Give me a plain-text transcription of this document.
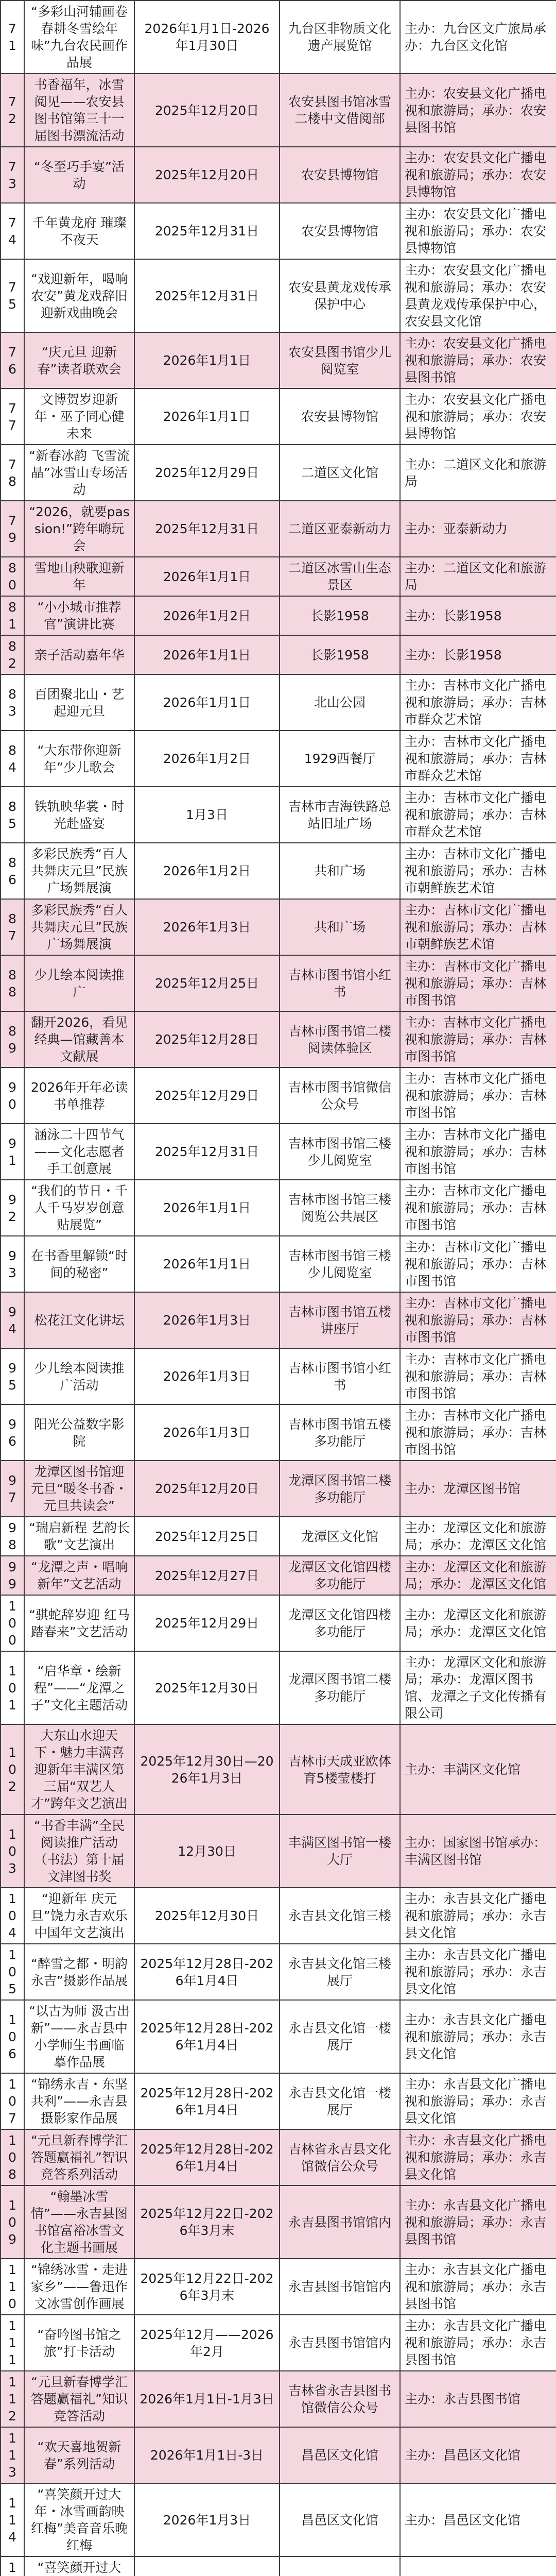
71	“多彩山河辅画卷春耕冬雪绘年味”九台农民画作品展	2026年1月1日-2026年1月30日	九台区非物质文化遗产展览馆	主办：九台区文广旅局承办：九台区文化馆
72	书香福年，冰雪阅见——农安县图书馆第三十一届图书漂流活动	2025年12月20日	农安县图书馆冰雪二楼中文借阅部	主办：农安县文化广播电视和旅游局；承办：农安县图书馆
73	“冬至巧手宴”活动	2025年12月20日	农安县博物馆	主办：农安县文化广播电视和旅游局；承办：农安县博物馆
74	千年黄龙府 璀璨不夜天	2025年12月31日	农安县博物馆	主办：农安县文化广播电视和旅游局；承办：农安县博物馆
75	“戏迎新年，喝响农安”黄龙戏辞旧迎新戏曲晚会	2025年12月31日	农安县黄龙戏传承保护中心	主办：农安县文化广播电视和旅游局；承办：农安县黄龙戏传承保护中心，农安县文化馆
76	“庆元旦 迎新春”读者联欢会	2026年1月1日	农安县图书馆少儿阅览室	主办：农安县文化广播电视和旅游局；承办：农安县图书馆
77	文博贺岁迎新年・巫子同心健未来	2026年1月1日	农安县博物馆	主办：农安县文化广播电视和旅游局；承办：农安县博物馆
78	“新春冰韵 飞雪流晶”冰雪山专场活动	2025年12月29日	二道区文化馆	主办：二道区文化和旅游局
79	“2026，就要passion!”跨年嗨玩会	2025年12月31日	二道区亚泰新动力	主办：亚泰新动力
80	雪地山秧歌迎新年	2026年1月1日	二道区冰雪山生态景区	主办：二道区文化和旅游局
81	“小小城市推荐官”演讲比赛	2026年1月2日	长影1958	主办：长影1958
82	亲子活动嘉年华	2026年1月1日	长影1958	主办：长影1958
83	百团聚北山・艺起迎元旦	2026年1月1日	北山公园	主办：吉林市文化广播电视和旅游局；承办：吉林市群众艺术馆
84	“大东带你迎新年”少儿歌会	2026年1月2日	1929西餐厅	主办：吉林市文化广播电视和旅游局；承办：吉林市群众艺术馆
85	铁轨映华裳・时光赴盛宴	1月3日	吉林市吉海铁路总站旧址广场	主办：吉林市文化广播电视和旅游局；承办：吉林市群众艺术馆
86	多彩民族秀“百人共舞庆元旦”民族广场舞展演	2026年1月2日	共和广场	主办：吉林市文化广播电视和旅游局；承办：吉林市朝鲜族艺术馆
87	多彩民族秀“百人共舞庆元旦”民族广场舞展演	2026年1月3日	共和广场	主办：吉林市文化广播电视和旅游局；承办：吉林市朝鲜族艺术馆
88	少儿绘本阅读推广	2025年12月25日	吉林市图书馆小红书	主办：吉林市文化广播电视和旅游局；承办：吉林市图书馆
89	翻开2026，看见经典—馆藏善本文献展	2025年12月28日	吉林市图书馆二楼阅读体验区	主办：吉林市文化广播电视和旅游局；承办：吉林市图书馆
90	2026年开年必读书单推荐	2025年12月29日	吉林市图书馆微信公众号	主办：吉林市文化广播电视和旅游局；承办：吉林市图书馆
91	涵泳二十四节气——文化志愿者手工创意展	2025年12月31日	吉林市图书馆三楼少儿阅览室	主办：吉林市文化广播电视和旅游局；承办：吉林市图书馆
92	“我们的节日・千人千马岁岁创意贴展览”	2026年1月1日	吉林市图书馆三楼阅览公共展区	主办：吉林市文化广播电视和旅游局；承办：吉林市图书馆
93	在书香里解锁“时间的秘密”	2026年1月1日	吉林市图书馆三楼少儿阅览室	主办：吉林市文化广播电视和旅游局；承办：吉林市图书馆
94	松花江文化讲坛	2026年1月3日	吉林市图书馆五楼讲座厅	主办：吉林市文化广播电视和旅游局；承办：吉林市图书馆
95	少儿绘本阅读推广活动	2026年1月3日	吉林市图书馆小红书	主办：吉林市文化广播电视和旅游局；承办：吉林市图书馆
96	阳光公益数字影院	2026年1月3日	吉林市图书馆五楼多功能厅	主办：吉林市文化广播电视和旅游局；承办：吉林市图书馆
97	龙潭区图书馆迎元旦“暖冬书香・元旦共读会”	2025年12月20日	龙潭区图书馆二楼多功能厅	主办：龙潭区图书馆
98	“瑞启新程 艺韵长歌”文艺演出	2025年12月25日	龙潭区文化馆	主办：龙潭区文化和旅游局；承办：龙潭区文化馆
99	“龙潭之声・唱响新年”文艺活动	2025年12月27日	龙潭区文化馆四楼多功能厅	主办：龙潭区文化和旅游局；承办：龙潭区文化馆
100	“骐蛇辞岁迎 红马踏春来”文艺活动	2025年12月29日	龙潭区文化馆四楼多功能厅	主办：龙潭区文化和旅游局；承办：龙潭区文化馆
101	“启华章・绘新程”——“龙潭之子”文化主题活动	2025年12月30日	龙潭区图书馆二楼多功能厅	主办：龙潭区文化和旅游局；承办：龙潭区图书馆、龙潭之子文化传播有限公司
102	大东山水迎天下・魅力丰满喜迎新年丰满区第三届“双艺人才”跨年文艺演出	2025年12月30日—2026年1月3日	吉林市天成亚欧体育5楼莹楼打	主办：丰满区文化馆
103	“书香丰满”全民阅读推广活动（书法）第十届文津图书奖	12月30日	丰满区图书馆一楼大厅	主办：国家图书馆承办：丰满区图书馆
104	“迎新年 庆元旦”饶力永吉欢乐中国年文艺演出	2025年12月30日	永吉县文化馆三楼	主办：永吉县文化广播电视和旅游局；承办：永吉县文化馆
105	“醉雪之都・明韵永吉”摄影作品展	2025年12月28日-2026年1月4日	永吉县文化馆三楼展厅	主办：永吉县文化广播电视和旅游局；承办：永吉县文化馆
106	“以古为师 汲古出新”——永吉县中小学师生书画临摹作品展	2025年12月28日-2026年1月4日	永吉县文化馆一楼展厅	主办：永吉县文化广播电视和旅游局；承办：永吉县文化馆
107	“锦绣永吉・东坚共利”——永吉县摄影家作品展	2025年12月28日-2026年1月4日	永吉县文化馆一楼展厅	主办：永吉县文化广播电视和旅游局；承办：永吉县文化馆
108	“元旦新春博学汇答题赢福礼”智识竞答系列活动	2025年12月28日-2026年1月4日	吉林省永吉县文化馆微信公众号	主办：永吉县文化广播电视和旅游局；承办：永吉县文化馆
109	“翰墨冰雪情”——永吉县图书馆富裕冰雪文化主题书画展	2025年12月22日-2026年3月末	永吉县图书馆馆内	主办：永吉县文化广播电视和旅游局；承办：永吉县图书馆
110	“锦绣冰雪・走进家乡”——鲁迅作文冰雪创作画展	2025年12月22日-2026年3月末	永吉县图书馆馆内	主办：永吉县文化广播电视和旅游局；承办：永吉县图书馆
111	“奋吟图书馆之旅”打卡活动	2025年12月——2026年2月	永吉县图书馆馆内	主办：永吉县文化广播电视和旅游局；承办：永吉县图书馆
112	“元旦新春博学汇答题赢福礼”知识竞答活动	2026年1月1日-1月3日	吉林省永吉县图书馆微信公众号	主办：永吉县图书馆
113	“欢天喜地贺新春”系列活动	2026年1月1日-3日	昌邑区文化馆	主办：昌邑区文化馆
114	“喜笑颜开过大年・冰雪画韵映红梅”美音音乐晚红梅	2026年1月3日	昌邑区文化馆	主办：昌邑区文化馆
1	“喜笑颜开过大			
